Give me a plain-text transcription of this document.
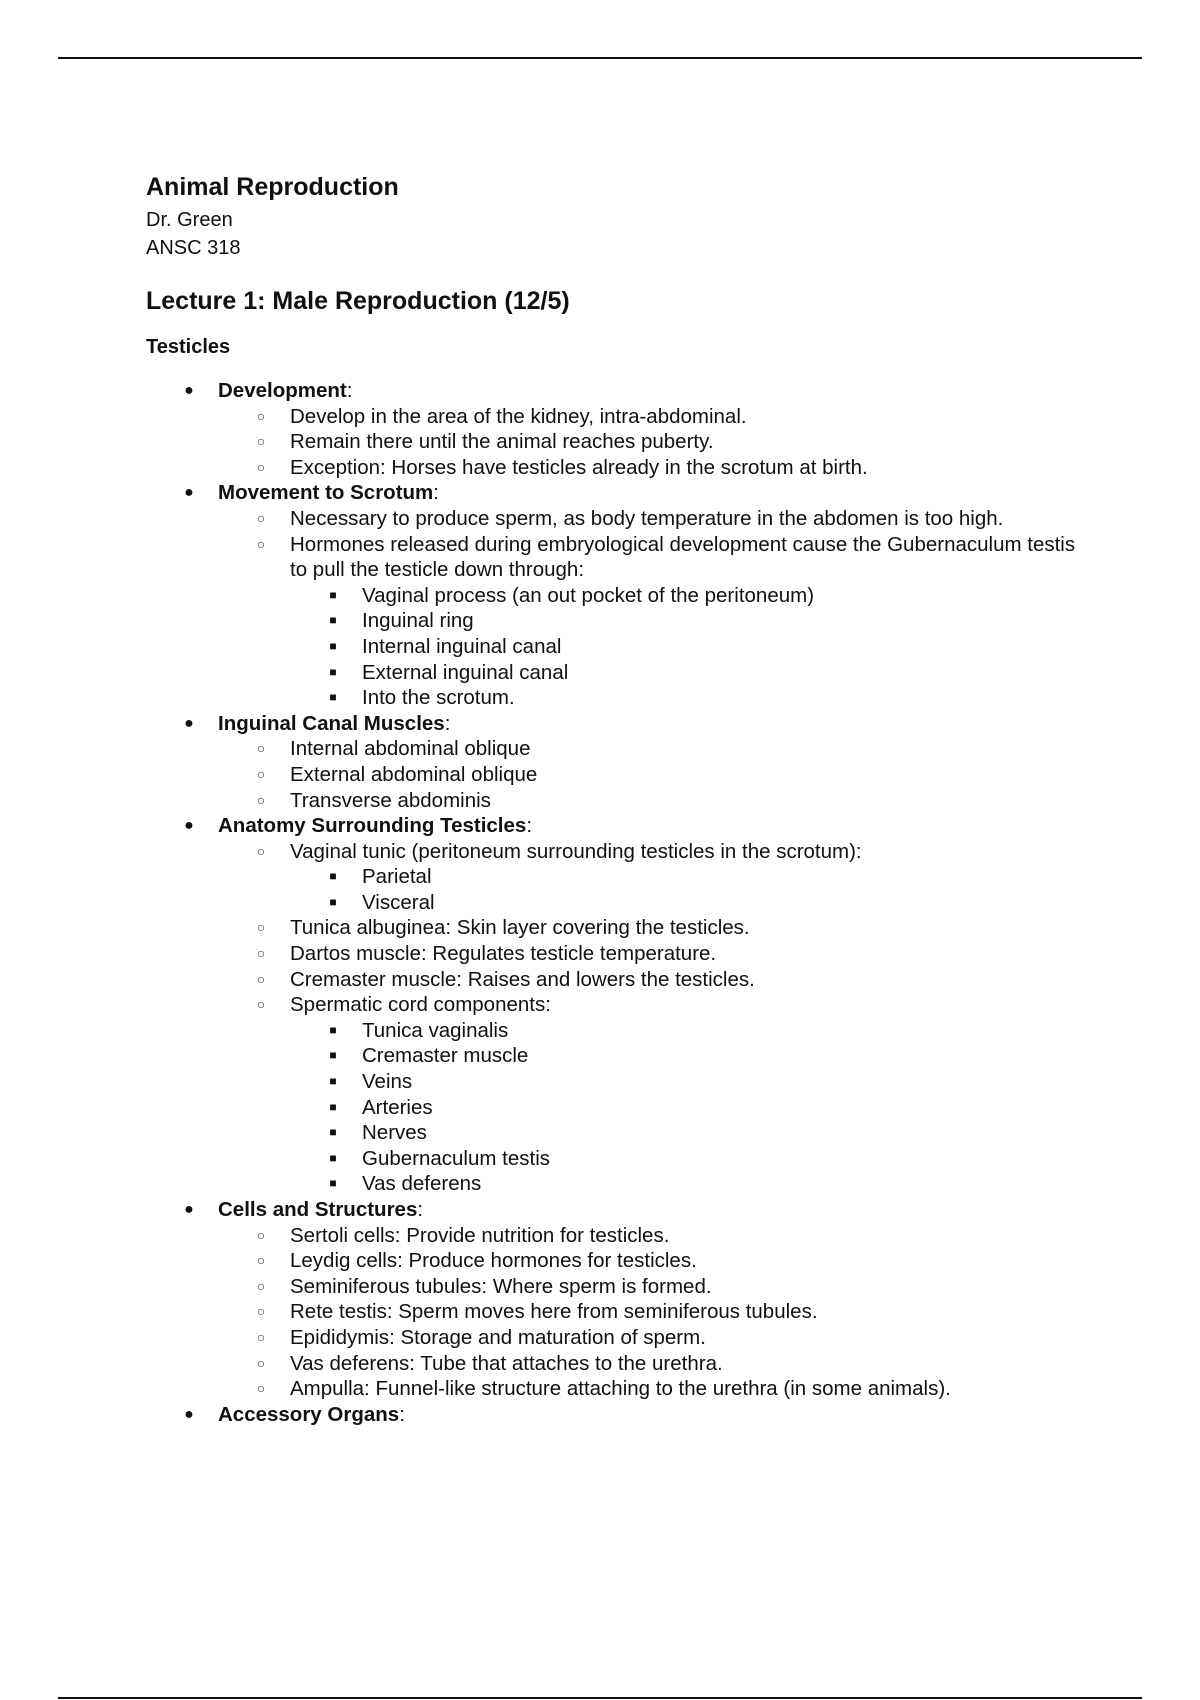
Animal Reproduction

Dr. Green

ANSC 318

Lecture 1: Male Reproduction (12/5)
Testicles
●	Development:
○	Develop in the area of the kidney, intra-abdominal.
○	Remain there until the animal reaches puberty.
○	Exception: Horses have testicles already in the scrotum at birth.
●	Movement to Scrotum:
○	Necessary to produce sperm, as body temperature in the abdomen is too high.
○	Hormones released during embryological development cause the Gubernaculum testis to pull the testicle down through:
■	Vaginal process (an out pocket of the peritoneum)
■	Inguinal ring
■	Internal inguinal canal
■	External inguinal canal
■	Into the scrotum.
●	Inguinal Canal Muscles:
○	Internal abdominal oblique
○	External abdominal oblique
○	Transverse abdominis
●	Anatomy Surrounding Testicles:
○	Vaginal tunic (peritoneum surrounding testicles in the scrotum):
■	Parietal
■	Visceral
○	Tunica albuginea: Skin layer covering the testicles.
○	Dartos muscle: Regulates testicle temperature.
○	Cremaster muscle: Raises and lowers the testicles.
○	Spermatic cord components:
■	Tunica vaginalis
■	Cremaster muscle
■	Veins
■	Arteries
■	Nerves
■	Gubernaculum testis
■	Vas deferens
●	Cells and Structures:
○	Sertoli cells: Provide nutrition for testicles.
○	Leydig cells: Produce hormones for testicles.
○	Seminiferous tubules: Where sperm is formed.
○	Rete testis: Sperm moves here from seminiferous tubules.
○	Epididymis: Storage and maturation of sperm.
○	Vas deferens: Tube that attaches to the urethra.
○	Ampulla: Funnel-like structure attaching to the urethra (in some animals).
●	Accessory Organs:
